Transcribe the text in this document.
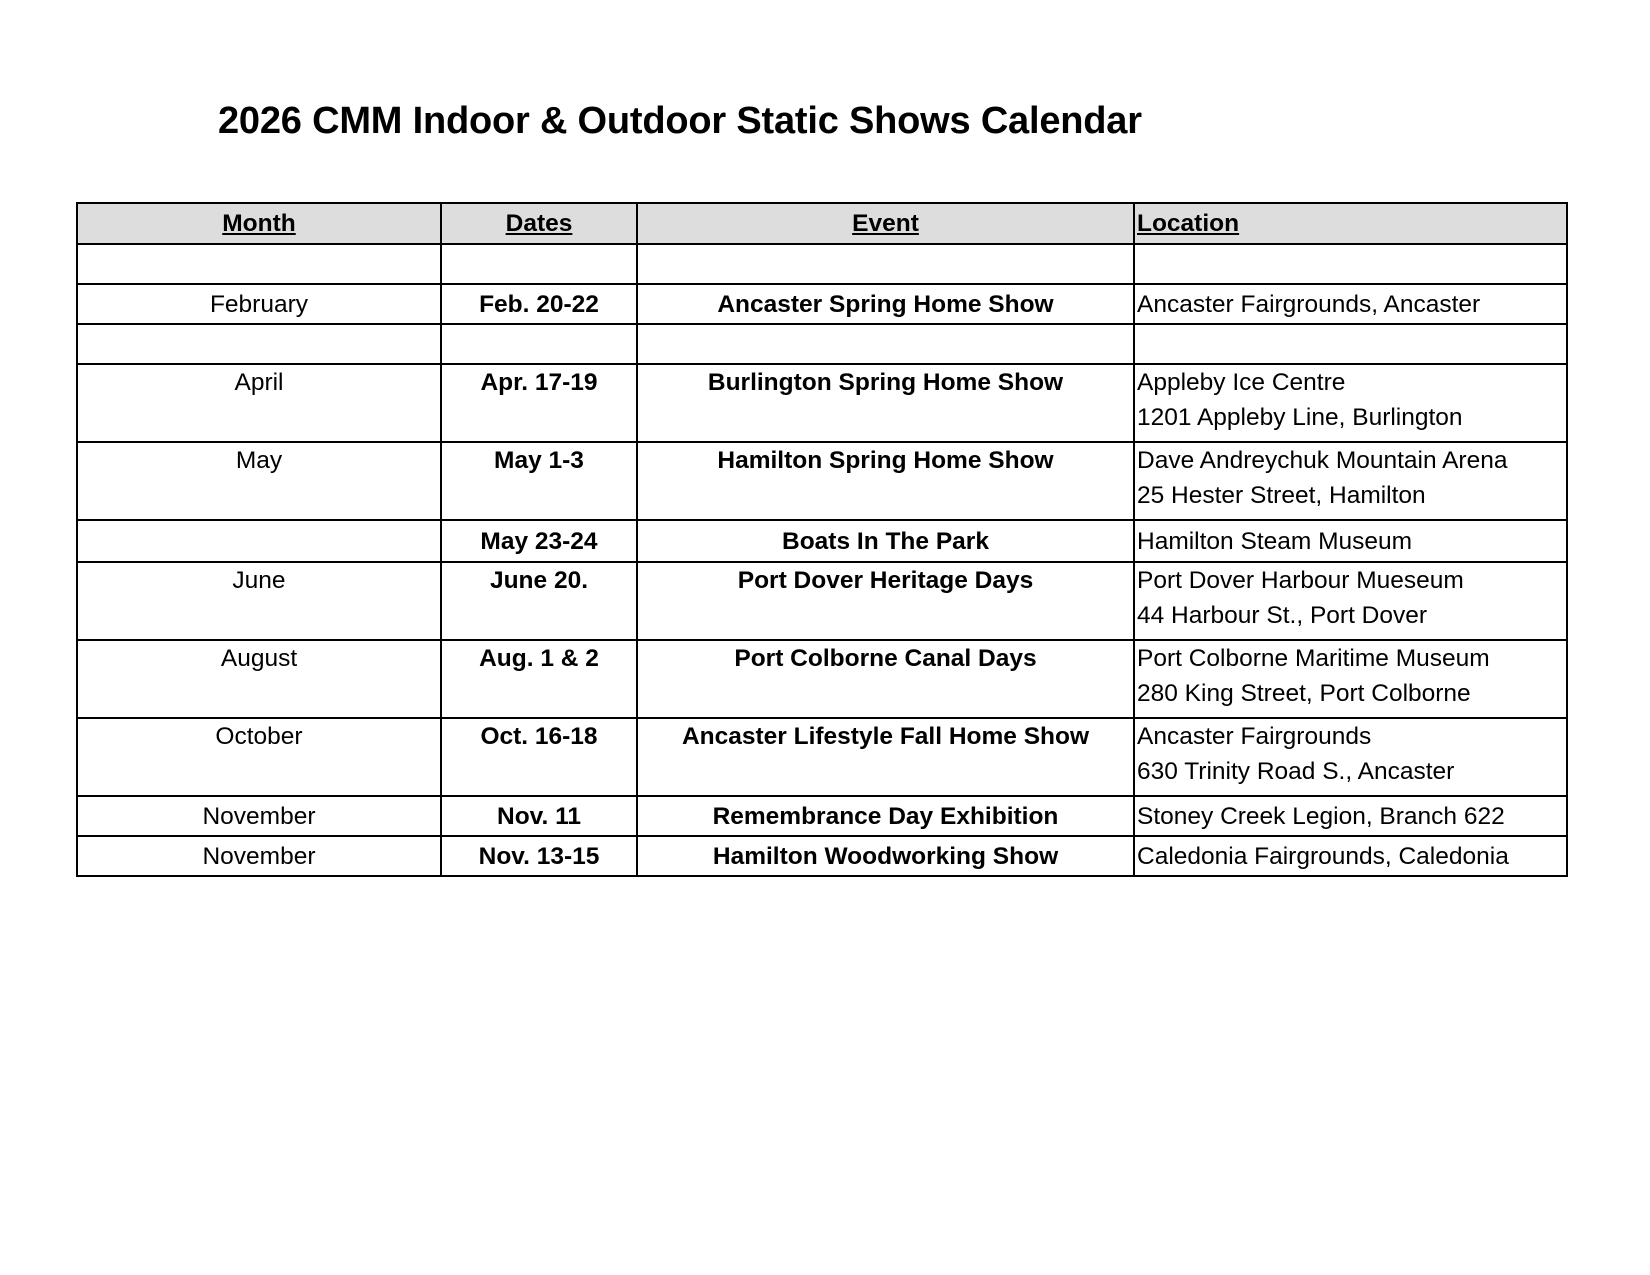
2026 CMM Indoor & Outdoor Static Shows Calendar
Month	Dates	Event	Location

February	Feb. 20-22	Ancaster Spring Home Show	Ancaster Fairgrounds, Ancaster

April	Apr. 17-19	Burlington Spring Home Show	Appleby Ice Centre
1201 Appleby Line, Burlington

May	May 1-3	Hamilton Spring Home Show	Dave Andreychuk Mountain Arena
25 Hester Street, Hamilton

	May 23-24	Boats In The Park	Hamilton Steam Museum

June	June 20.	Port Dover Heritage Days	Port Dover Harbour Mueseum
44 Harbour St., Port Dover

August	Aug. 1 & 2	Port Colborne Canal Days	Port Colborne Maritime Museum
280 King Street, Port Colborne

October	Oct. 16-18	Ancaster Lifestyle Fall Home Show	Ancaster Fairgrounds
630 Trinity Road S., Ancaster

November	Nov. 11	Remembrance Day Exhibition	Stoney Creek Legion, Branch 622

November	Nov. 13-15	Hamilton Woodworking Show	Caledonia Fairgrounds, Caledonia
